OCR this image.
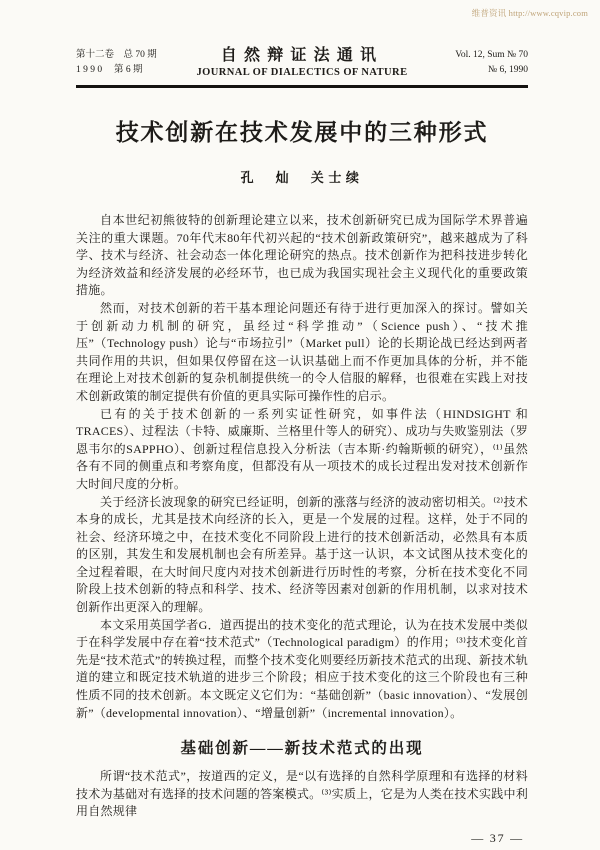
维普资讯 http://www.cqvip.com
第十二卷　总 70 期
1 9 9 0　 第 6 期
自然辩证法通讯
JOURNAL OF DIALECTICS OF NATURE
Vol. 12, Sum № 70
№ 6, 1990
技术创新在技术发展中的三种形式
孔　灿　关士续

自本世纪初熊彼特的创新理论建立以来，技术创新研究已成为国际学术界普遍关注的重大课题。70年代末80年代初兴起的“技术创新政策研究”，越来越成为了科学、技术与经济、社会动态一体化理论研究的热点。技术创新作为把科技进步转化为经济效益和经济发展的必经环节，也已成为我国实现社会主义现代化的重要政策措施。

然而，对技术创新的若干基本理论问题还有待于进行更加深入的探讨。譬如关于创新动力机制的研究，虽经过“科学推动”（Science push）、“技术推压”（Technology push）论与“市场拉引”（Market pull）论的长期论战已经达到两者共同作用的共识，但如果仅停留在这一认识基础上而不作更加具体的分析，并不能在理论上对技术创新的复杂机制提供统一的令人信服的解释，也很难在实践上对技术创新政策的制定提供有价值的更具实际可操作性的启示。

已有的关于技术创新的一系列实证性研究，如事件法（HINDSIGHT 和 TRACES）、过程法（卡特、威廉斯、兰格里什等人的研究）、成功与失败鉴别法（罗恩韦尔的SAPPHO）、创新过程信息投入分析法（吉本斯·约翰斯顿的研究），⁽¹⁾虽然各有不同的侧重点和考察角度，但都没有从一项技术的成长过程出发对技术创新作大时间尺度的分析。

关于经济长波现象的研究已经证明，创新的涨落与经济的波动密切相关。⁽²⁾技术本身的成长，尤其是技术向经济的长入，更是一个发展的过程。这样，处于不同的社会、经济环境之中，在技术变化不同阶段上进行的技术创新活动，必然具有本质的区别，其发生和发展机制也会有所差异。基于这一认识，本文试图从技术变化的全过程着眼，在大时间尺度内对技术创新进行历时性的考察，分析在技术变化不同阶段上技术创新的特点和科学、技术、经济等因素对创新的作用机制，以求对技术创新作出更深入的理解。

本文采用英国学者G．道西提出的技术变化的范式理论，认为在技术发展中类似于在科学发展中存在着“技术范式”（Technological paradigm）的作用；⁽³⁾技术变化首先是“技术范式”的转换过程，而整个技术变化则要经历新技术范式的出现、新技术轨道的建立和既定技术轨道的进步三个阶段；相应于技术变化的这三个阶段也有三种性质不同的技术创新。本文既定义它们为：“基础创新”（basic innovation）、“发展创新”（developmental innovation）、“增量创新”（incremental innovation）。

基础创新——新技术范式的出现

所谓“技术范式”，按道西的定义，是“以有选择的自然科学原理和有选择的材料技术为基础对有选择的技术问题的答案模式。⁽³⁾实质上，它是为人类在技术实践中利用自然规律

— 37 —
